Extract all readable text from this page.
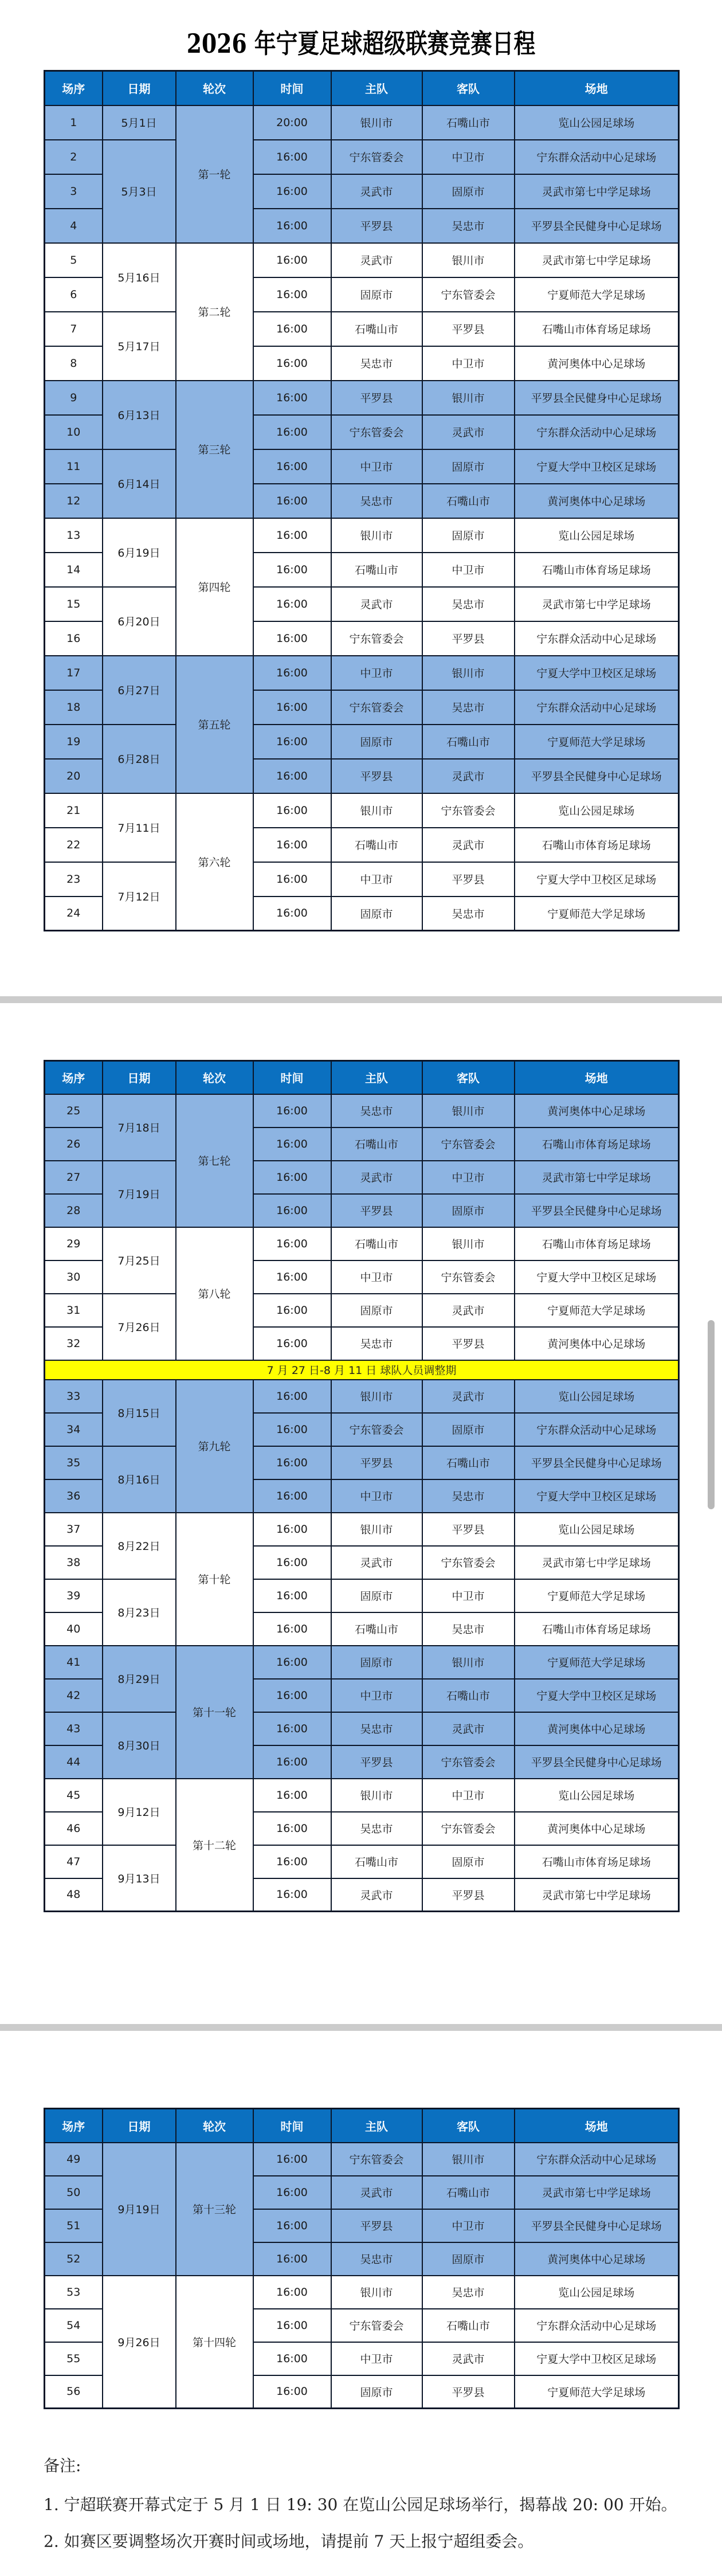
2026 年宁夏足球超级联赛竞赛日程
场序	日期	轮次	时间	主队	客队	场地
1	5月1日	第一轮	20:00	银川市	石嘴山市	览山公园足球场
2	5月3日		16:00	宁东管委会	中卫市	宁东群众活动中心足球场
3			16:00	灵武市	固原市	灵武市第七中学足球场
4			16:00	平罗县	吴忠市	平罗县全民健身中心足球场
5	5月16日	第二轮	16:00	灵武市	银川市	灵武市第七中学足球场
6			16:00	固原市	宁东管委会	宁夏师范大学足球场
7	5月17日		16:00	石嘴山市	平罗县	石嘴山市体育场足球场
8			16:00	吴忠市	中卫市	黄河奥体中心足球场
9	6月13日	第三轮	16:00	平罗县	银川市	平罗县全民健身中心足球场
10			16:00	宁东管委会	灵武市	宁东群众活动中心足球场
11	6月14日		16:00	中卫市	固原市	宁夏大学中卫校区足球场
12			16:00	吴忠市	石嘴山市	黄河奥体中心足球场
13	6月19日	第四轮	16:00	银川市	固原市	览山公园足球场
14			16:00	石嘴山市	中卫市	石嘴山市体育场足球场
15	6月20日		16:00	灵武市	吴忠市	灵武市第七中学足球场
16			16:00	宁东管委会	平罗县	宁东群众活动中心足球场
17	6月27日	第五轮	16:00	中卫市	银川市	宁夏大学中卫校区足球场
18			16:00	宁东管委会	吴忠市	宁东群众活动中心足球场
19	6月28日		16:00	固原市	石嘴山市	宁夏师范大学足球场
20			16:00	平罗县	灵武市	平罗县全民健身中心足球场
21	7月11日	第六轮	16:00	银川市	宁东管委会	览山公园足球场
22			16:00	石嘴山市	灵武市	石嘴山市体育场足球场
23	7月12日		16:00	中卫市	平罗县	宁夏大学中卫校区足球场
24			16:00	固原市	吴忠市	宁夏师范大学足球场
场序	日期	轮次	时间	主队	客队	场地
25	7月18日	第七轮	16:00	吴忠市	银川市	黄河奥体中心足球场
26			16:00	石嘴山市	宁东管委会	石嘴山市体育场足球场
27	7月19日		16:00	灵武市	中卫市	灵武市第七中学足球场
28			16:00	平罗县	固原市	平罗县全民健身中心足球场
29	7月25日	第八轮	16:00	石嘴山市	银川市	石嘴山市体育场足球场
30			16:00	中卫市	宁东管委会	宁夏大学中卫校区足球场
31	7月26日		16:00	固原市	灵武市	宁夏师范大学足球场
32			16:00	吴忠市	平罗县	黄河奥体中心足球场
7 月 27 日-8 月 11 日 球队人员调整期						
33	8月15日	第九轮	16:00	银川市	灵武市	览山公园足球场
34			16:00	宁东管委会	固原市	宁东群众活动中心足球场
35	8月16日		16:00	平罗县	石嘴山市	平罗县全民健身中心足球场
36			16:00	中卫市	吴忠市	宁夏大学中卫校区足球场
37	8月22日	第十轮	16:00	银川市	平罗县	览山公园足球场
38			16:00	灵武市	宁东管委会	灵武市第七中学足球场
39	8月23日		16:00	固原市	中卫市	宁夏师范大学足球场
40			16:00	石嘴山市	吴忠市	石嘴山市体育场足球场
41	8月29日	第十一轮	16:00	固原市	银川市	宁夏师范大学足球场
42			16:00	中卫市	石嘴山市	宁夏大学中卫校区足球场
43	8月30日		16:00	吴忠市	灵武市	黄河奥体中心足球场
44			16:00	平罗县	宁东管委会	平罗县全民健身中心足球场
45	9月12日	第十二轮	16:00	银川市	中卫市	览山公园足球场
46			16:00	吴忠市	宁东管委会	黄河奥体中心足球场
47	9月13日		16:00	石嘴山市	固原市	石嘴山市体育场足球场
48			16:00	灵武市	平罗县	灵武市第七中学足球场
场序	日期	轮次	时间	主队	客队	场地
49	9月19日	第十三轮	16:00	宁东管委会	银川市	宁东群众活动中心足球场
50			16:00	灵武市	石嘴山市	灵武市第七中学足球场
51			16:00	平罗县	中卫市	平罗县全民健身中心足球场
52			16:00	吴忠市	固原市	黄河奥体中心足球场
53	9月26日	第十四轮	16:00	银川市	吴忠市	览山公园足球场
54			16:00	宁东管委会	石嘴山市	宁东群众活动中心足球场
55			16:00	中卫市	灵武市	宁夏大学中卫校区足球场
56			16:00	固原市	平罗县	宁夏师范大学足球场
备注:
1. 宁超联赛开幕式定于 5 月 1 日 19: 30 在览山公园足球场举行，揭幕战 20: 00 开始。
2. 如赛区要调整场次开赛时间或场地，请提前 7 天上报宁超组委会。
